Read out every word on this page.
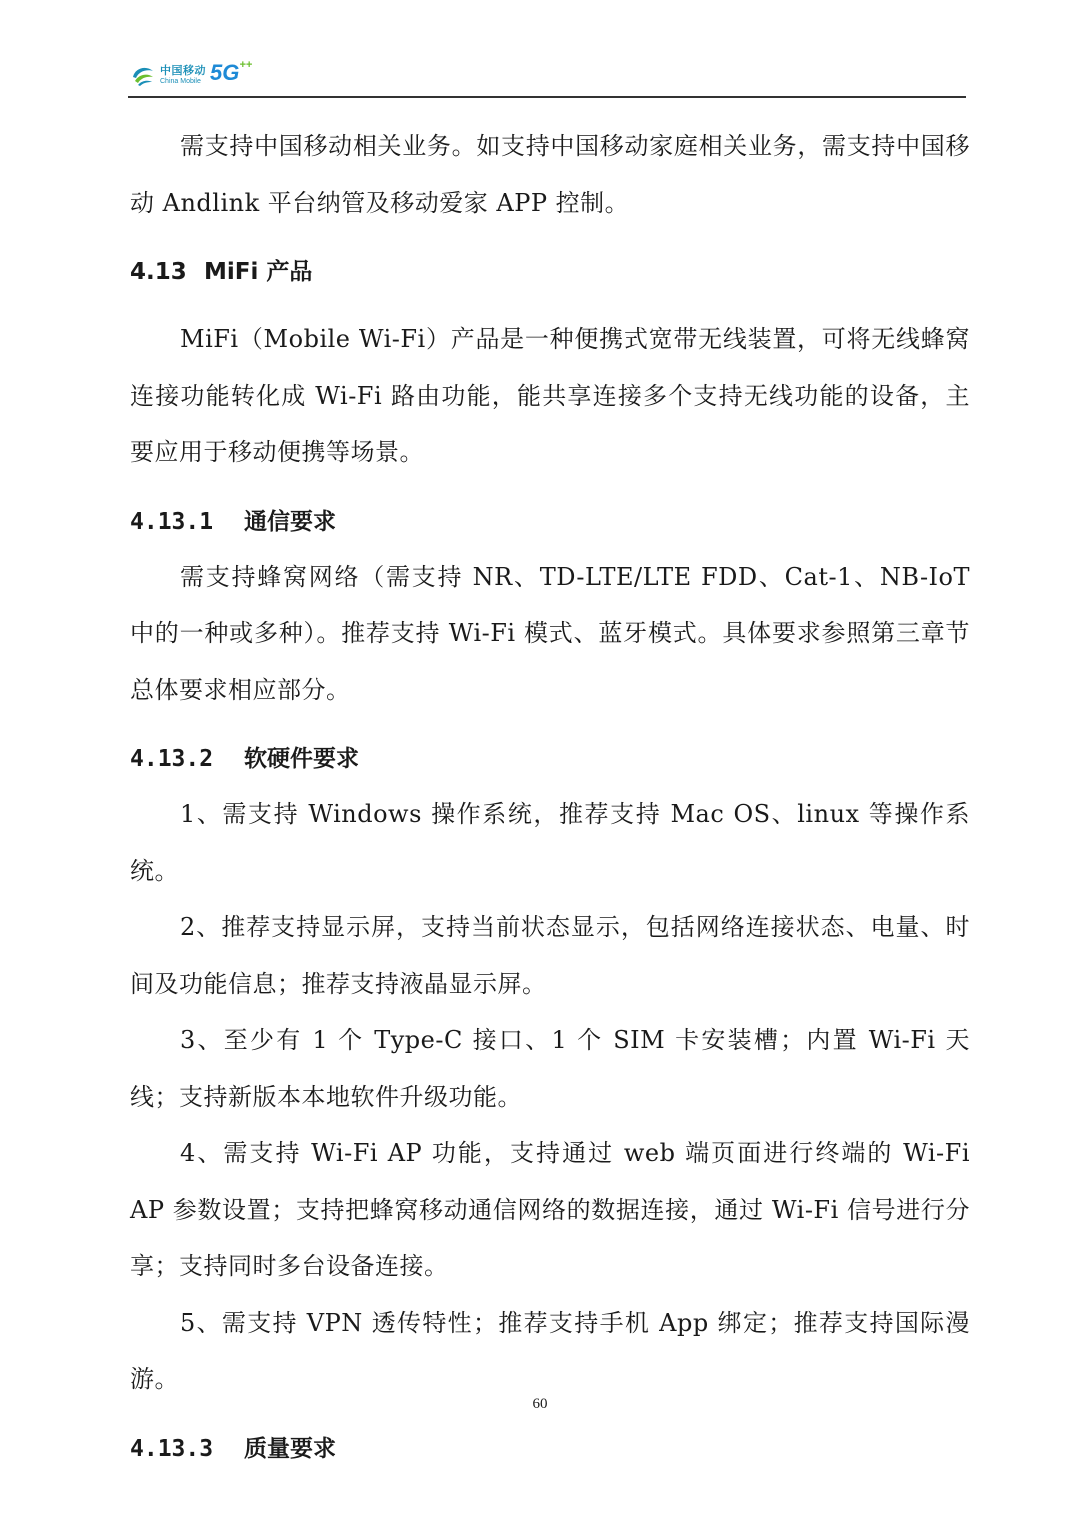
中国移动
China Mobile 5G++

需支持中国移动相关业务。如支持中国移动家庭相关业务，需支持中国移动 Andlink 平台纳管及移动爱家 APP 控制。

4.13 MiFi 产品

MiFi（Mobile Wi-Fi）产品是一种便携式宽带无线装置，可将无线蜂窝连接功能转化成 Wi-Fi 路由功能，能共享连接多个支持无线功能的设备，主要应用于移动便携等场景。

4.13.1	通信要求

需支持蜂窝网络（需支持 NR、TD-LTE/LTE FDD、Cat-1、NB-IoT 中的一种或多种）。推荐支持 Wi-Fi 模式、蓝牙模式。具体要求参照第三章节总体要求相应部分。

4.13.2	软硬件要求

1、需支持 Windows 操作系统，推荐支持 Mac OS、linux 等操作系统。

2、推荐支持显示屏，支持当前状态显示，包括网络连接状态、电量、时间及功能信息；推荐支持液晶显示屏。

3、至少有 1 个 Type-C 接口、1 个 SIM 卡安装槽；内置 Wi-Fi 天线；支持新版本本地软件升级功能。

4、需支持 Wi-Fi AP 功能，支持通过 web 端页面进行终端的 Wi-Fi AP 参数设置；支持把蜂窝移动通信网络的数据连接，通过 Wi-Fi 信号进行分享；支持同时多台设备连接。

5、需支持 VPN 透传特性；推荐支持手机 App 绑定；推荐支持国际漫游。

4.13.3	质量要求
60
